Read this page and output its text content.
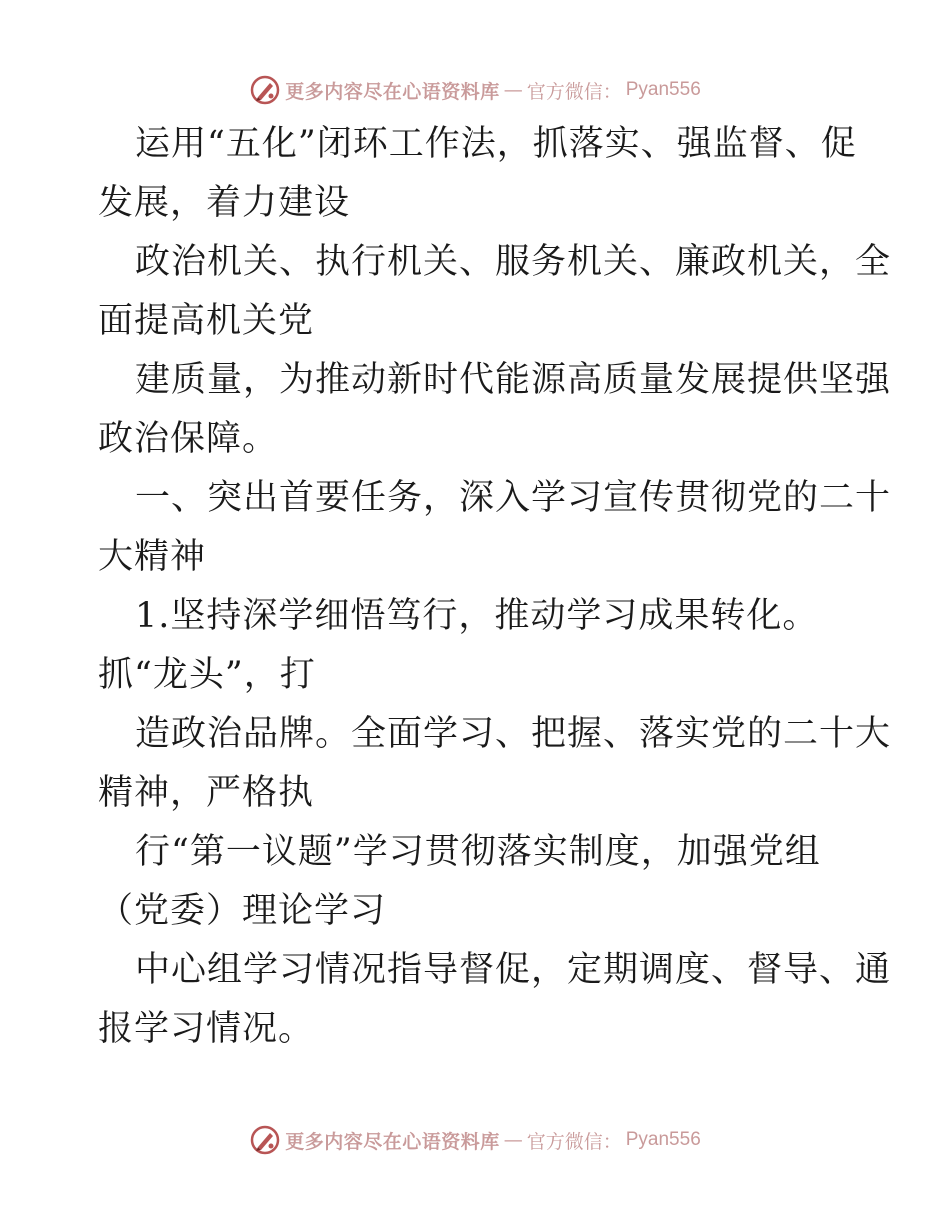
更多内容尽在心语资料库 — 官方微信： Pyan556
运用“五化”闭环工作法，抓落实、强监督、促
发展，着力建设
政治机关、执行机关、服务机关、廉政机关，全
面提高机关党
建质量，为推动新时代能源高质量发展提供坚强
政治保障。
一、突出首要任务，深入学习宣传贯彻党的二十
大精神
1.坚持深学细悟笃行，推动学习成果转化。
抓“龙头”，打
造政治品牌。全面学习、把握、落实党的二十大
精神，严格执
行“第一议题”学习贯彻落实制度，加强党组
（党委）理论学习
中心组学习情况指导督促，定期调度、督导、通
报学习情况。
更多内容尽在心语资料库 — 官方微信： Pyan556
